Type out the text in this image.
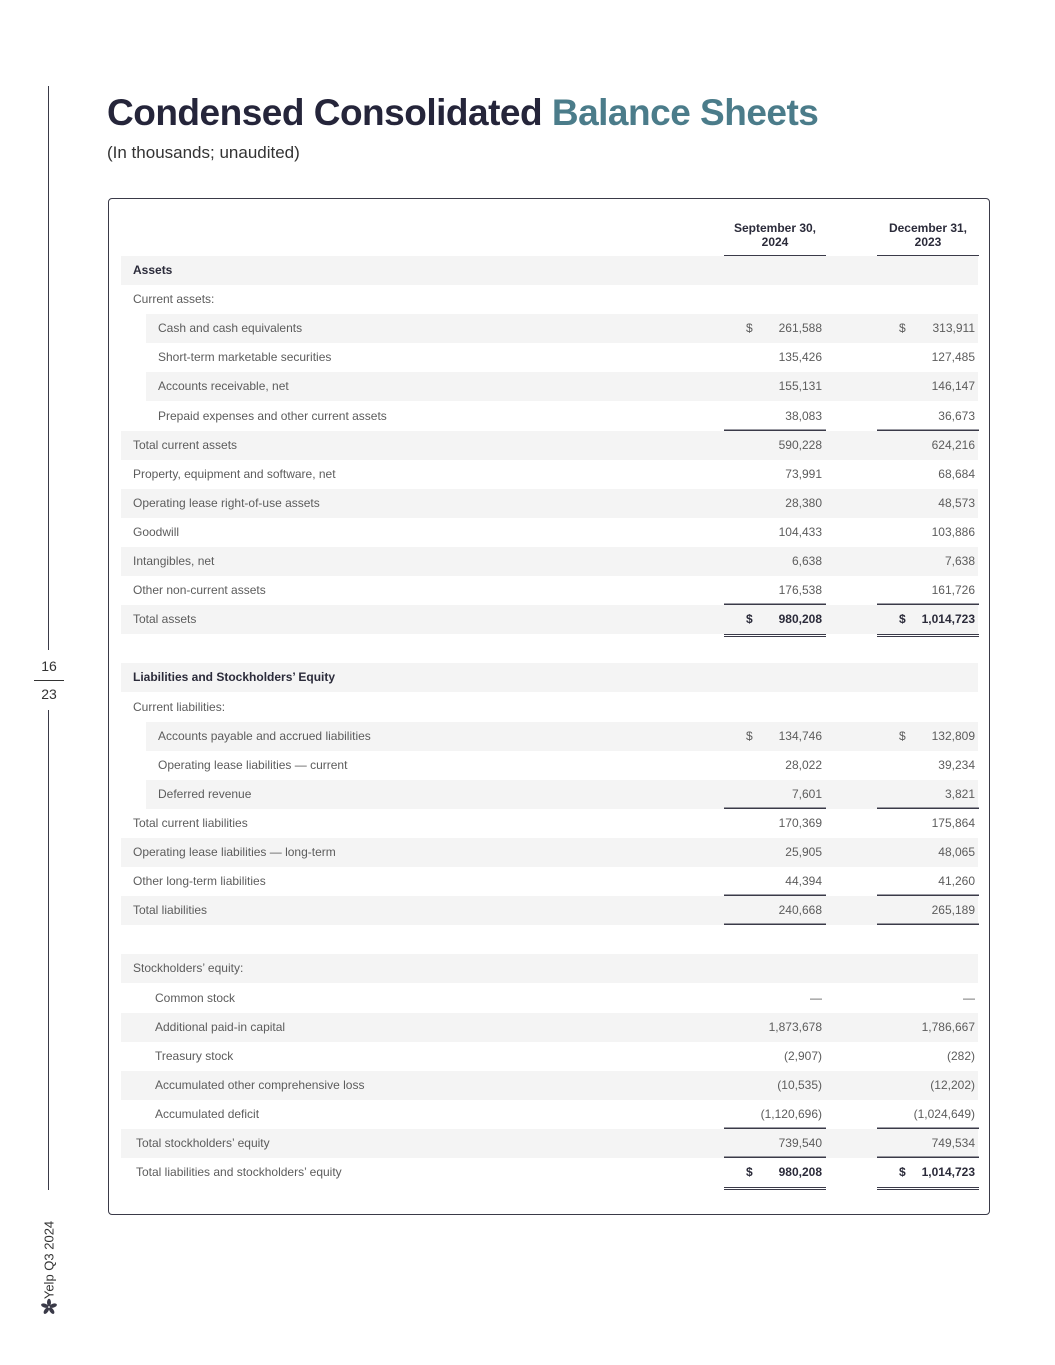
16
23
Yelp Q3 2024
Condensed Consolidated Balance Sheets
(In thousands; unaudited)
September 30, 2024
December 31, 2023
Assets
Current assets:
Cash and cash equivalents	$ 261,588	$ 313,911
Short-term marketable securities	135,426	127,485
Accounts receivable, net	155,131	146,147
Prepaid expenses and other current assets	38,083	36,673
Total current assets	590,228	624,216
Property, equipment and software, net	73,991	68,684
Operating lease right-of-use assets	28,380	48,573
Goodwill	104,433	103,886
Intangibles, net	6,638	7,638
Other non-current assets	176,538	161,726
Total assets	$ 980,208	$ 1,014,723
Liabilities and Stockholders’ Equity
Current liabilities:
Accounts payable and accrued liabilities	$ 134,746	$ 132,809
Operating lease liabilities — current	28,022	39,234
Deferred revenue	7,601	3,821
Total current liabilities	170,369	175,864
Operating lease liabilities — long-term	25,905	48,065
Other long-term liabilities	44,394	41,260
Total liabilities	240,668	265,189
Stockholders’ equity:
Common stock	—	—
Additional paid-in capital	1,873,678	1,786,667
Treasury stock	(2,907)	(282)
Accumulated other comprehensive loss	(10,535)	(12,202)
Accumulated deficit	(1,120,696)	(1,024,649)
Total stockholders’ equity	739,540	749,534
Total liabilities and stockholders’ equity	$ 980,208	$ 1,014,723
